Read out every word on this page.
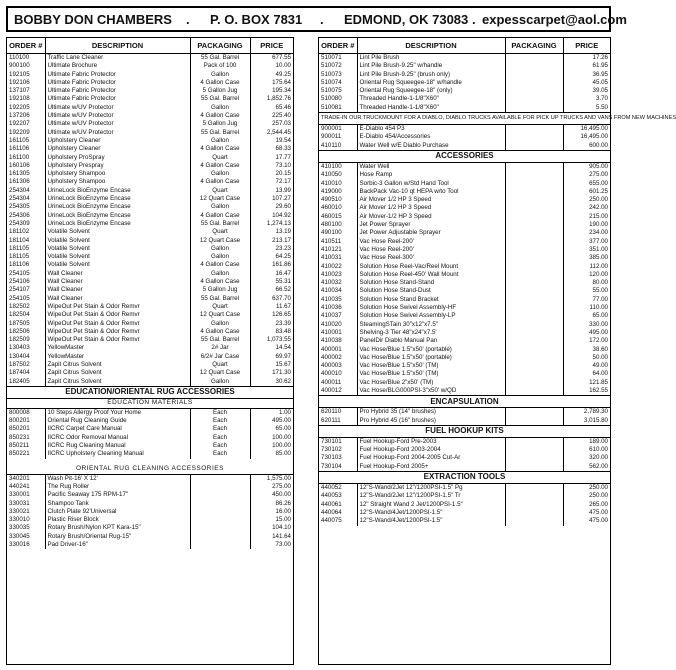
BOBBY DON CHAMBERS . P. O. BOX 7831 . EDMOND, OK 73083 . expesscarpet@aol.com
ORDER #	DESCRIPTION	PACKAGING	PRICE
110100	Traffic Lane Cleaner	55 Gal. Barrel	677.55
900100	Ultimate Brochure	Pack of 100	10.00
192105	Ultimate Fabric Protector	Gallon	49.25
192106	Ultimate Fabric Protector	4 Gallon Case	175.64
137107	Ultimate Fabric Protector	5 Gallon Jug	195.34
192108	Ultimate Fabric Protector	55 Gal. Barrel	1,852.76
192205	Ultimate w/UV Protector	Gallon	65.46
137206	Ultimate w/UV Protector	4 Gallon Case	225.40
192207	Ultimate w/UV Protector	5 Gallon Jug	257.03
192209	Ultimate w/UV Protector	55 Gal. Barrel	2,544.45
161105	Upholstery Cleaner	Gallon	19.54
161106	Upholstery Cleaner	4 Gallon Case	68.33
161100	Upholstery ProSpray	Quart	17.77
160106	Upholstery Prespray	4 Gallon Case	73.10
161305	Upholstery Shampoo	Gallon	20.15
161306	Upholstery Shampoo	4 Gallon Case	72.17
254304	UrineLock BioEnzyme Encase	Quart	13.99
254304	UrineLock BioEnzyme Encase	12 Quart Case	107.27
254305	UrineLock BioEnzyme Encase	Gallon	29.60
254306	UrineLock BioEnzyme Encase	4 Gallon Case	104.92
254309	UrineLock BioEnzyme Encase	55 Gal. Barrel	1,274.13
181102	Volatile Solvent	Quart	13.19
181104	Volatile Solvent	12 Quart Case	213.17
181105	Volatile Solvent	Gallon	23.23
181105	Volatile Solvent	Gallon	64.25
181106	Volatile Solvent	4 Gallon Case	161.86
254105	Wall Cleaner	Gallon	16.47
254106	Wall Cleaner	4 Gallon Case	55.31
254107	Wall Cleaner	5 Gallon Jug	66.52
254105	Wall Cleaner	55 Gal. Barrel	637.70
182502	WipeOut Pet Stain & Odor Remvr	Quart	11.67
182504	WipeOut Pet Stain & Odor Remvr	12 Quart Case	126.65
187505	WipeOut Pet Stain & Odor Remvr	Gallon	23.39
182506	WipeOut Pet Stain & Odor Remvr	4 Gallon Case	83.48
182509	WipeOut Pet Stain & Odor Remvr	55 Gal. Barrel	1,073.55
130403	YellowMaster	2# Jar	14.54
130404	YellowMaster	6/2# Jar Case	69.97
187502	Zapit Citrus Solvent	Quart	15.67
187404	Zapit Citrus Solvent	12 Quart Case	171.30
182405	Zapit Citrus Solvent	Gallon	30.62
EDUCATION/ORIENTAL RUG ACCESSORIES			
EDUCATION MATERIALS			
800008	10 Steps Allergy Proof Your Home	Each	1.00
800201	Oriental Rug Cleaning Guide	Each	495.00
850201	IICRC Carpet Care Manual	Each	65.00
850231	IICRC Odor Removal Manual	Each	100.00
850211	IICRC Rug Cleaning Manual	Each	100.00
850221	IICRC Upholstery Cleaning Manual	Each	85.00

ORIENTAL RUG CLEANING ACCESSORIES			
340201	Wash Pit-16' X 12'		1,575.00
440241	The Rug Roller		275.00
330001	Pacific Seaway 175 RPM-17"		450.00
330031	Shampoo Tank		86.26
330021	Clutch Plate 92'Universal		16.00
330010	Plastic Riser Block		15.00
330035	Rotary Brush/Nylon KPT Kara-15"		104.10
330045	Rotary Brush/Oriental Rug-15"		141.64
330016	Pad Driver-16"		73.00
ORDER #	DESCRIPTION	PACKAGING	PRICE
510071	Lint Pile Brush		17.26
510072	Lint Pile Brush-9.25" w/handle		61.95
510073	Lint Pile Brush-9.25" (brush only)		36.95
510074	Oriental Rug Squeegee-18" w/handle		45.05
510075	Oriental Rug Squeegee-18" (only)		39.05
510080	Threaded Handle-1-1/8"X60"		3.70
510081	Threaded Handle-1-1/8"X60"		5.50
TRADE-IN OUR TRUCKMOUNT FOR A DIABLO, DIABLO TRUCKS AVAILABLE FOR PICK UP TRUCKS AND VANS FROM NEW MACHINES			
900001	E-Diablo 454 P3		16,495.00
900011	E-Diablo 454/Accessories		16,495.00
410110	Water Well w/E Diablo Purchase		600.00
ACCESSORIES			
410100	Water Well		905.00
410050	Hose Ramp		275.00
410010	Sorbic-3 Gallon w/Std Hand Tool		655.00
419000	BackPack Vac-10 qt HEPA w/to Tool		601.25
490510	Air Mover 1/2 HP 3 Speed		250.00
460010	Air Mover 1/2 HP 3 Speed		242.00
460015	Air Mover-1/2 HP 3 Speed		215.00
480100	Jet Power Sprayer		190.00
490100	Jet Power Adjustable Sprayer		234.00
410511	Vac Hose Reel-200'		377.00
410121	Vac Hose Reel-200'		351.00
410031	Vac Hose Reel-300'		385.00
410022	Solution Hose Reel-Vac/Reel Mount		112.00
410023	Solution Hose Reel-450' Wall Mount		120.00
410032	Solution Hose Stand-Stand		80.00
410034	Solution Hose Stand-Dust		55.00
410035	Solution Hose Stand Bracket		77.00
410036	Solution Hose Swivel Assembly-HF		110.00
410037	Solution Hose Swivel Assembly-LP		65.00
410020	SteamingSTain 30"x12"x7.5"		330.00
410001	Shelving-3 Tier 48"x24"x7.5'		495.00
410038	PanelDir Diablo Manual Pan		172.00
400001	Vac Hose/Blue 1.5"x50' (portable)		38.60
400002	Vac Hose/Blue 1.5"x50' (portable)		50.00
400003	Vac Hose/Blue 1.5"x50' (TM)		49.00
400010	Vac Hose/Blue 1.5"x50' (TM)		64.00
400011	Vac Hose/Blue 2"x50' (TM)		121.85
400012	Vac Hose/BLG000PSI-3"x50' w/QD		162.55
ENCAPSULATION			
620110	Pro Hybrid 35 (14" brushes)		2,789.30
620111	Pro Hybrid 45 (16" brushes)		3,015.80
FUEL HOOKUP KITS			
730101	Fuel Hookup-Ford Pre-2003		189.00
730102	Fuel Hookup-Ford 2003-2004		610.00
730103	Fuel Hookup-Ford 2004-2005 Cut-Ar		320.00
730104	Fuel Hookup-Ford 2005+		562.00
EXTRACTION TOOLS			
440052	12"S-Wand/2Jet 12"/1200PSI-1.5" Pg		250.00
440053	12"S-Wand/2Jet 12"/1200PSI-1.5" Tr		250.00
440061	12" Straight Wand 2 Jet/1200PSI-1.5"		265.00
440064	12"S-Wand/4Jet/1200PSI-1.5"		475.00
440075	12"S-Wand/4Jet/1200PSI-1.5"		475.00
